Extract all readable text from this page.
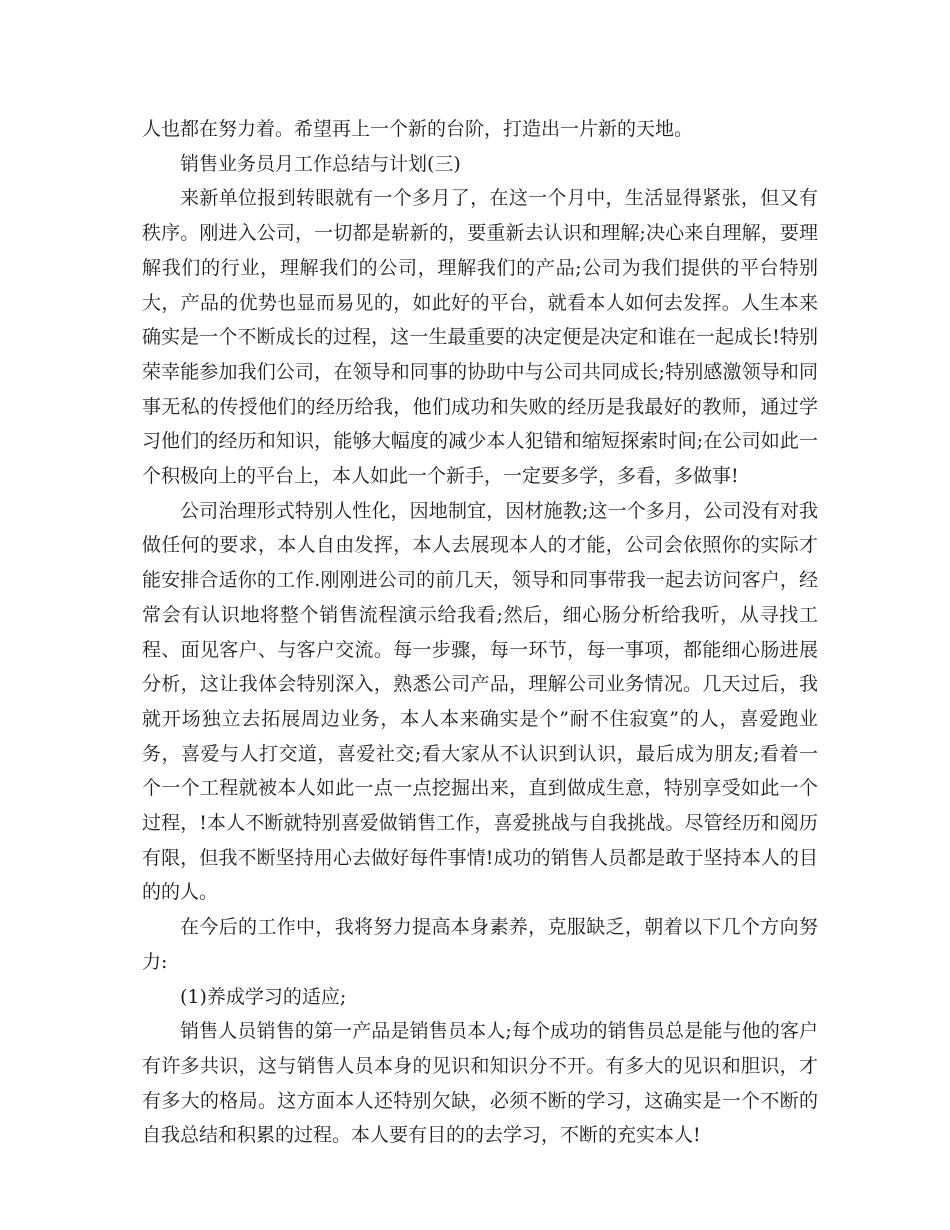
人也都在努力着。希望再上一个新的台阶，打造出一片新的天地。

销售业务员月工作总结与计划(三)

来新单位报到转眼就有一个多月了，在这一个月中，生活显得紧张，但又有秩序。刚进入公司，一切都是崭新的，要重新去认识和理解;决心来自理解，要理解我们的行业，理解我们的公司，理解我们的产品;公司为我们提供的平台特别大，产品的优势也显而易见的，如此好的平台，就看本人如何去发挥。人生本来确实是一个不断成长的过程，这一生最重要的决定便是决定和谁在一起成长!特别荣幸能参加我们公司，在领导和同事的协助中与公司共同成长;特别感激领导和同事无私的传授他们的经历给我，他们成功和失败的经历是我最好的教师，通过学习他们的经历和知识，能够大幅度的减少本人犯错和缩短探索时间;在公司如此一个积极向上的平台上，本人如此一个新手，一定要多学，多看，多做事!

公司治理形式特别人性化，因地制宜，因材施教;这一个多月，公司没有对我做任何的要求，本人自由发挥，本人去展现本人的才能，公司会依照你的实际才能安排合适你的工作.刚刚进公司的前几天，领导和同事带我一起去访问客户，经常会有认识地将整个销售流程演示给我看;然后，细心肠分析给我听，从寻找工程、面见客户、与客户交流。每一步骤，每一环节，每一事项，都能细心肠进展分析，这让我体会特别深入，熟悉公司产品，理解公司业务情况。几天过后，我就开场独立去拓展周边业务，本人本来确实是个”耐不住寂寞”的人，喜爱跑业务，喜爱与人打交道，喜爱社交;看大家从不认识到认识，最后成为朋友;看着一个一个工程就被本人如此一点一点挖掘出来，直到做成生意，特别享受如此一个过程，!本人不断就特别喜爱做销售工作，喜爱挑战与自我挑战。尽管经历和阅历有限，但我不断坚持用心去做好每件事情!成功的销售人员都是敢于坚持本人的目的的人。

在今后的工作中，我将努力提高本身素养，克服缺乏，朝着以下几个方向努力:

(1)养成学习的适应;

销售人员销售的第一产品是销售员本人;每个成功的销售员总是能与他的客户有许多共识，这与销售人员本身的见识和知识分不开。有多大的见识和胆识，才有多大的格局。这方面本人还特别欠缺，必须不断的学习，这确实是一个不断的自我总结和积累的过程。本人要有目的的去学习，不断的充实本人!
